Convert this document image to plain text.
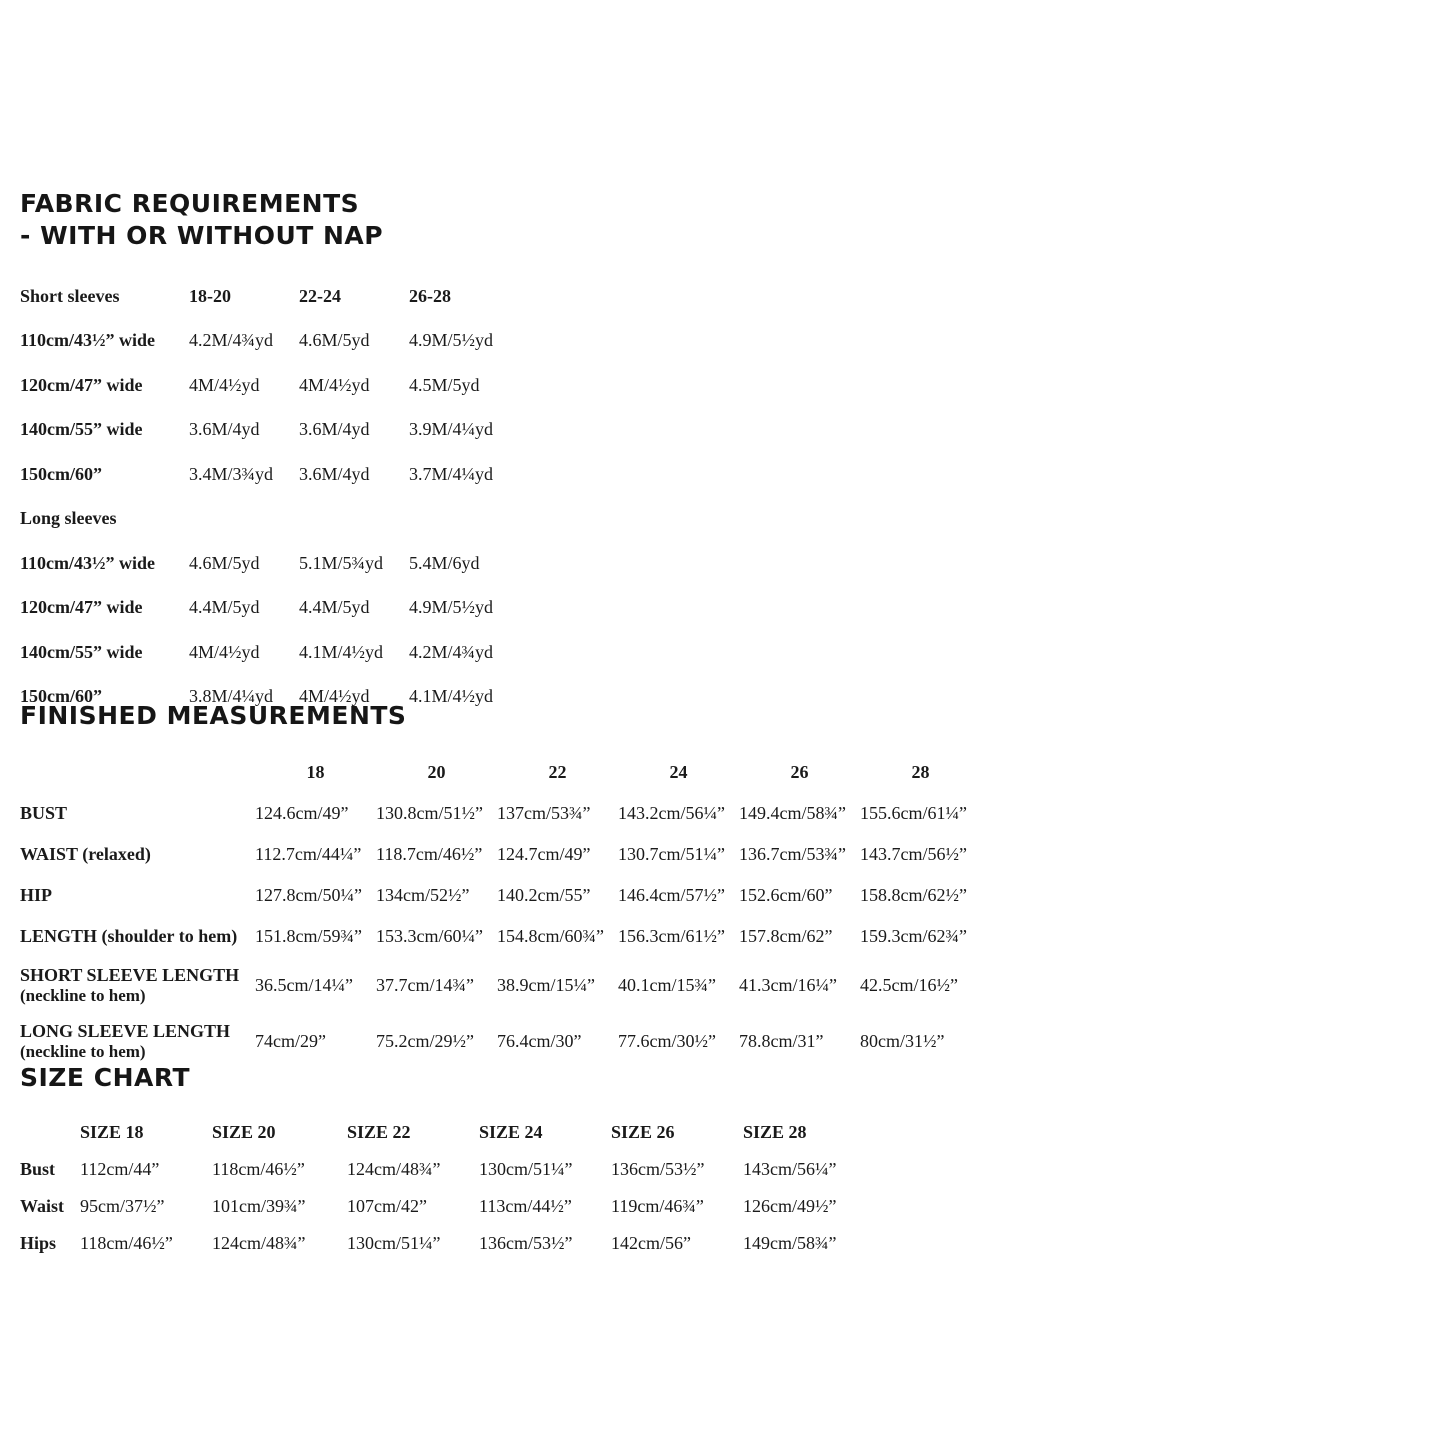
FABRIC REQUIREMENTS
- WITH OR WITHOUT NAP
Short sleeves	18-20	22-24	26-28
110cm/43½” wide	4.2M/4¾yd	4.6M/5yd	4.9M/5½yd
120cm/47” wide	4M/4½yd	4M/4½yd	4.5M/5yd
140cm/55” wide	3.6M/4yd	3.6M/4yd	3.9M/4¼yd
150cm/60”	3.4M/3¾yd	3.6M/4yd	3.7M/4¼yd
Long sleeves			
110cm/43½” wide	4.6M/5yd	5.1M/5¾yd	5.4M/6yd
120cm/47” wide	4.4M/5yd	4.4M/5yd	4.9M/5½yd
140cm/55” wide	4M/4½yd	4.1M/4½yd	4.2M/4¾yd
150cm/60”	3.8M/4¼yd	4M/4½yd	4.1M/4½yd
FINISHED MEASUREMENTS
	18	20	22	24	26	28
BUST	124.6cm/49”	130.8cm/51½”	137cm/53¾”	143.2cm/56¼”	149.4cm/58¾”	155.6cm/61¼”
WAIST (relaxed)	112.7cm/44¼”	118.7cm/46½”	124.7cm/49”	130.7cm/51¼”	136.7cm/53¾”	143.7cm/56½”
HIP	127.8cm/50¼”	134cm/52½”	140.2cm/55”	146.4cm/57½”	152.6cm/60”	158.8cm/62½”
LENGTH (shoulder to hem)	151.8cm/59¾”	153.3cm/60¼”	154.8cm/60¾”	156.3cm/61½”	157.8cm/62”	159.3cm/62¾”
SHORT SLEEVE LENGTH
(neckline to hem)	36.5cm/14¼”	37.7cm/14¾”	38.9cm/15¼”	40.1cm/15¾”	41.3cm/16¼”	42.5cm/16½”
LONG SLEEVE LENGTH
(neckline to hem)	74cm/29”	75.2cm/29½”	76.4cm/30”	77.6cm/30½”	78.8cm/31”	80cm/31½”
SIZE CHART
	SIZE 18	SIZE 20	SIZE 22	SIZE 24	SIZE 26	SIZE 28
Bust	112cm/44”	118cm/46½”	124cm/48¾”	130cm/51¼”	136cm/53½”	143cm/56¼”
Waist	95cm/37½”	101cm/39¾”	107cm/42”	113cm/44½”	119cm/46¾”	126cm/49½”
Hips	118cm/46½”	124cm/48¾”	130cm/51¼”	136cm/53½”	142cm/56”	149cm/58¾”
